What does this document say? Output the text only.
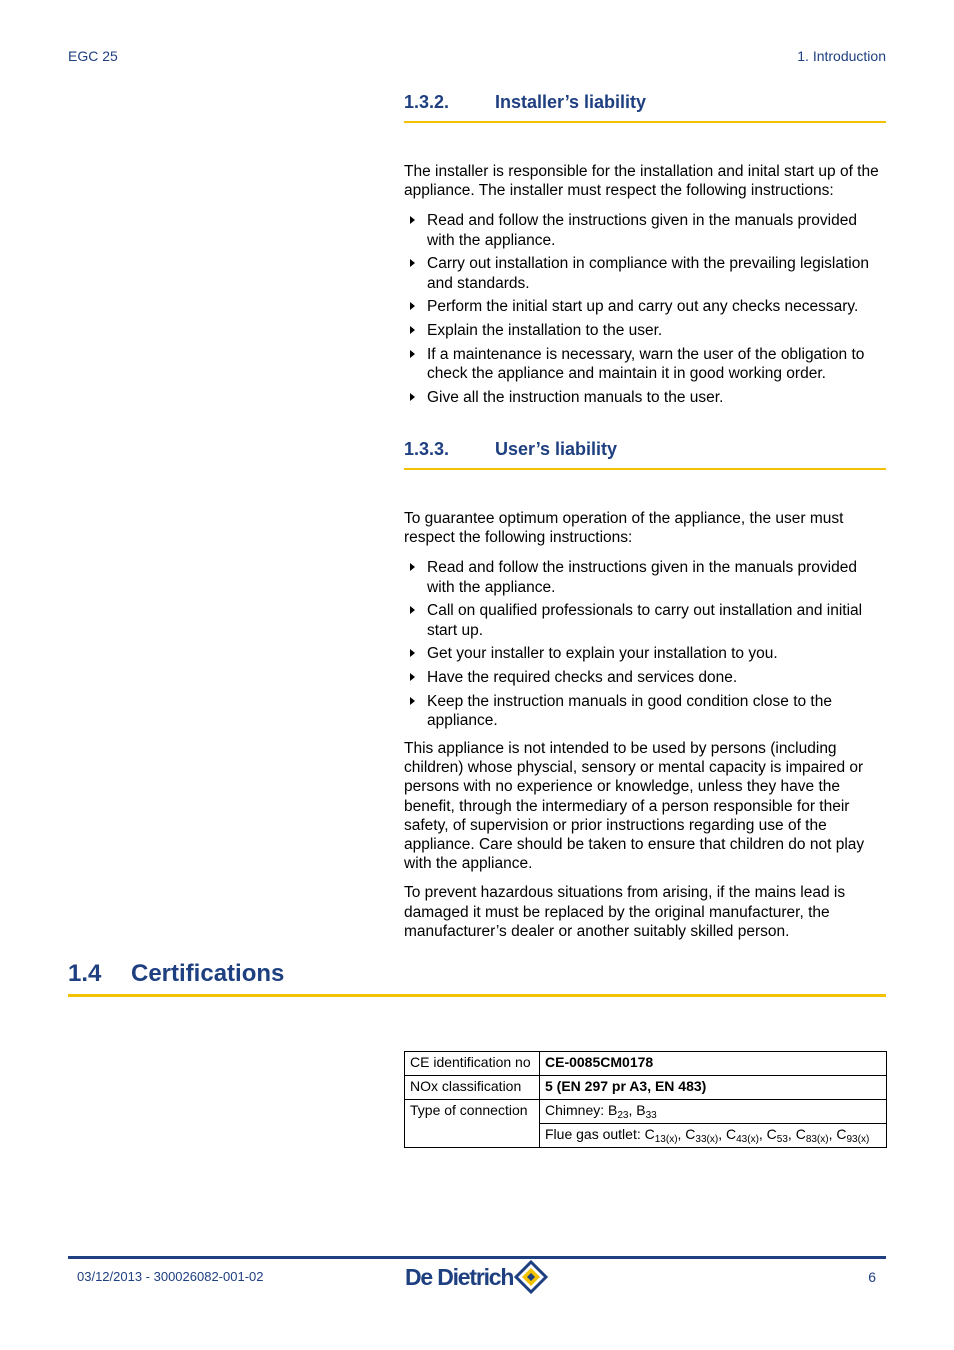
EGC 25	1. Introduction
1.3.2.	Installer’s liability

The installer is responsible for the installation and inital start up of the appliance. The installer must respect the following instructions:

Read and follow the instructions given in the manuals provided with the appliance.
Carry out installation in compliance with the prevailing legislation and standards.
Perform the initial start up and carry out any checks necessary.
Explain the installation to the user.
If a maintenance is necessary, warn the user of the obligation to check the appliance and maintain it in good working order.
Give all the instruction manuals to the user.
1.3.3.	User’s liability

To guarantee optimum operation of the appliance, the user must respect the following instructions:

Read and follow the instructions given in the manuals provided with the appliance.
Call on qualified professionals to carry out installation and initial start up.
Get your installer to explain your installation to you.
Have the required checks and services done.
Keep the instruction manuals in good condition close to the appliance.

This appliance is not intended to be used by persons (including children) whose physcial, sensory or mental capacity is impaired or persons with no experience or knowledge, unless they have the benefit, through the intermediary of a person responsible for their safety, of supervision or prior instructions regarding use of the appliance. Care should be taken to ensure that children do not play with the appliance.

To prevent hazardous situations from arising, if the mains lead is damaged it must be replaced by the original manufacturer, the manufacturer’s dealer or another suitably skilled person.

1.4 Certifications
CE identification no	CE-0085CM0178
NOx classification	5 (EN 297 pr A3, EN 483)
Type of connection	Chimney: $B_{23}$, $B_{33}$
	Flue gas outlet: $C_{13(x)}$, $C_{33(x)}$, $C_{43(x)}$, $C_{53}$, $C_{83(x)}$, $C_{93(x)}$
03/12/2013 - 300026082-001-02	De Dietrich	6
